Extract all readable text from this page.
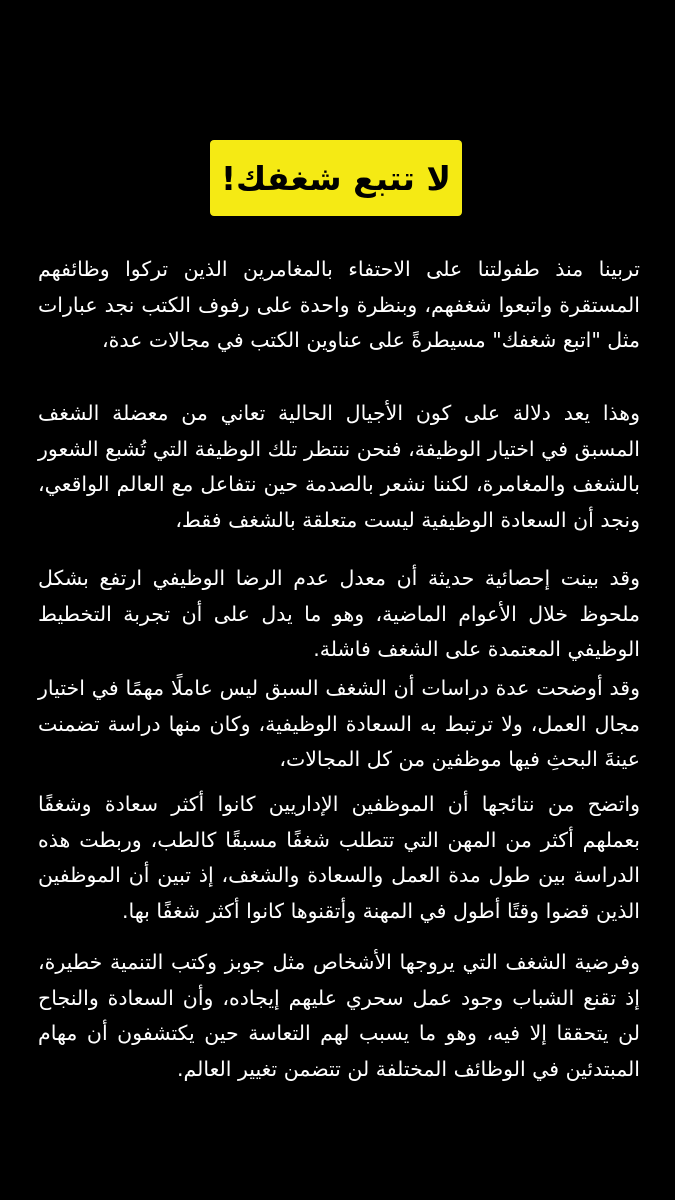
لا تتبع شغفك!

تربينا منذ طفولتنا على الاحتفاء بالمغامرين الذين تركوا وظائفهم المستقرة واتبعوا شغفهم، وبنظرة واحدة على رفوف الكتب نجد عبارات مثل "اتبع شغفك" مسيطرةً على عناوين الكتب في مجالات عدة،

وهذا يعد دلالة على كون الأجيال الحالية تعاني من معضلة الشغف المسبق في اختيار الوظيفة، فنحن ننتظر تلك الوظيفة التي تُشبع الشعور بالشغف والمغامرة، لكننا نشعر بالصدمة حين نتفاعل مع العالم الواقعي، ونجد أن السعادة الوظيفية ليست متعلقة بالشغف فقط،

وقد بينت إحصائية حديثة أن معدل عدم الرضا الوظيفي ارتفع بشكل ملحوظ خلال الأعوام الماضية، وهو ما يدل على أن تجربة التخطيط الوظيفي المعتمدة على الشغف فاشلة.

وقد أوضحت عدة دراسات أن الشغف السبق ليس عاملًا مهمًا في اختيار مجال العمل، ولا ترتبط به السعادة الوظيفية، وكان منها دراسة تضمنت عينةَ البحثِ فيها موظفين من كل المجالات،

واتضح من نتائجها أن الموظفين الإداريين كانوا أكثر سعادة وشغفًا بعملهم أكثر من المهن التي تتطلب شغفًا مسبقًا كالطب، وربطت هذه الدراسة بين طول مدة العمل والسعادة والشغف، إذ تبين أن الموظفين الذين قضوا وقتًا أطول في المهنة وأتقنوها كانوا أكثر شغفًا بها.

وفرضية الشغف التي يروجها الأشخاص مثل جوبز وكتب التنمية خطيرة، إذ تقنع الشباب وجود عمل سحري عليهم إيجاده، وأن السعادة والنجاح لن يتحققا إلا فيه، وهو ما يسبب لهم التعاسة حين يكتشفون أن مهام المبتدئين في الوظائف المختلفة لن تتضمن تغيير العالم.
